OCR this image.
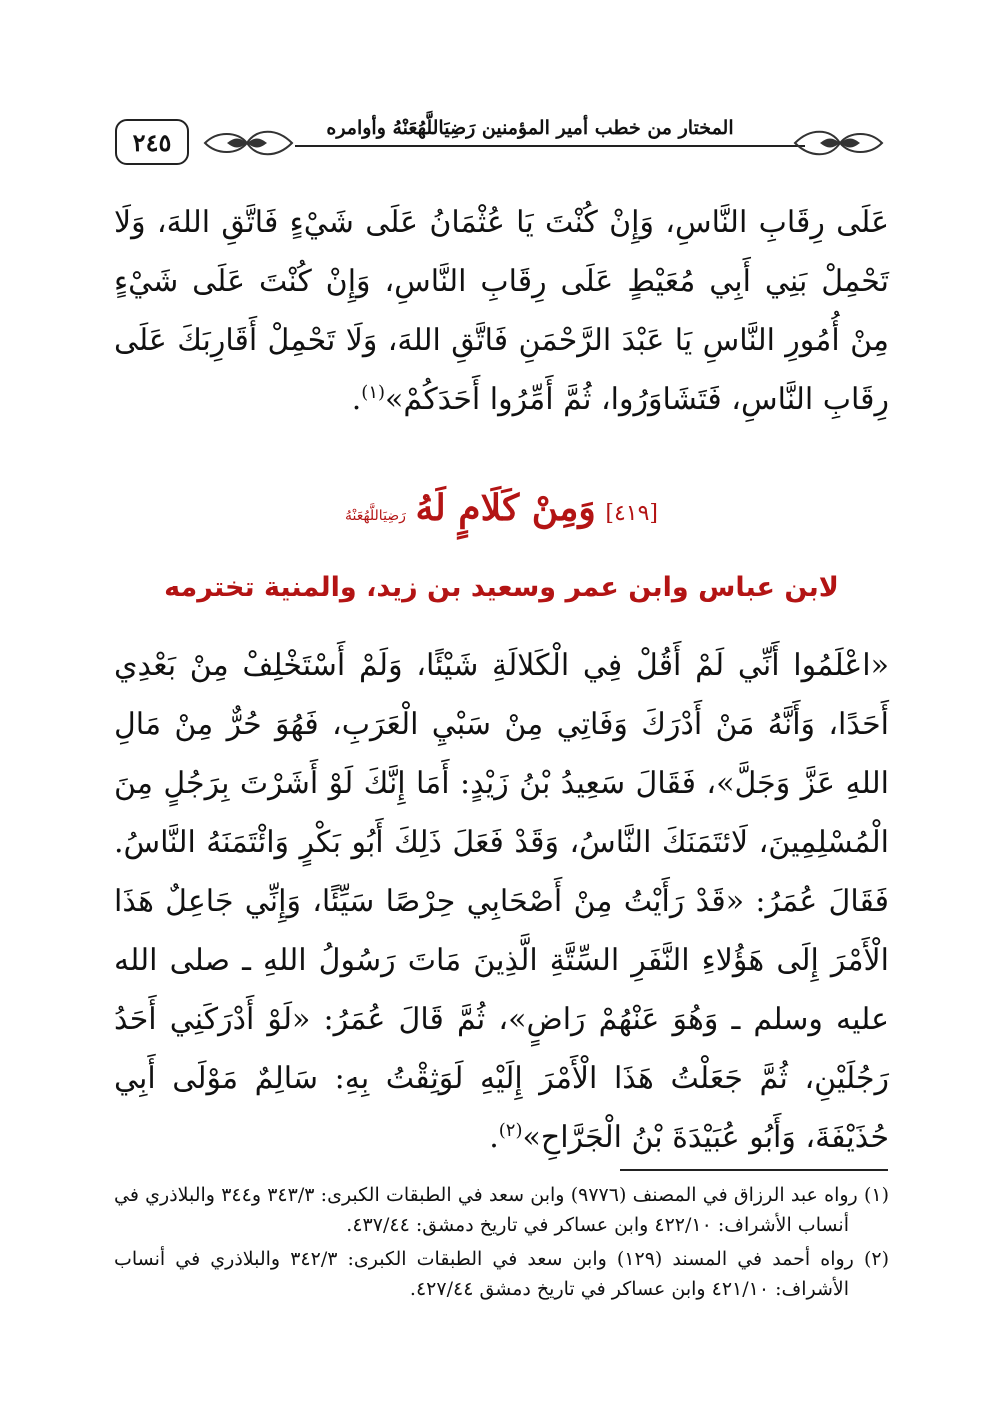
٢٤٥	المختار من خطب أمير المؤمنين رَضِيَاللَّهُعَنْهُ وأوامره

عَلَى رِقَابِ النَّاسِ، وَإِنْ كُنْتَ يَا عُثْمَانُ عَلَى شَيْءٍ فَاتَّقِ اللهَ، وَلَا تَحْمِلْ بَنِي أَبِي مُعَيْطٍ عَلَى رِقَابِ النَّاسِ، وَإِنْ كُنْتَ عَلَى شَيْءٍ مِنْ أُمُورِ النَّاسِ يَا عَبْدَ الرَّحْمَنِ فَاتَّقِ اللهَ، وَلَا تَحْمِلْ أَقَارِبَكَ عَلَى رِقَابِ النَّاسِ، فَتَشَاوَرُوا، ثُمَّ أَمِّرُوا أَحَدَكُمْ»$^{(١)}$.

[٤١٩] وَمِنْ كَلَامٍ لَهُ رَضِيَاللَّهُعَنْهُ
لابن عباس وابن عمر وسعيد بن زيد، والمنية تخترمه

«اعْلَمُوا أَنِّي لَمْ أَقُلْ فِي الْكَلالَةِ شَيْئًا، وَلَمْ أَسْتَخْلِفْ مِنْ بَعْدِي أَحَدًا، وَأَنَّهُ مَنْ أَدْرَكَ وَفَاتِي مِنْ سَبْيِ الْعَرَبِ، فَهُوَ حُرٌّ مِنْ مَالِ اللهِ عَزَّ وَجَلَّ»، فَقَالَ سَعِيدُ بْنُ زَيْدٍ: أَمَا إِنَّكَ لَوْ أَشَرْتَ بِرَجُلٍ مِنَ الْمُسْلِمِينَ، لَائتَمَنَكَ النَّاسُ، وَقَدْ فَعَلَ ذَلِكَ أَبُو بَكْرٍ وَائْتَمَنَهُ النَّاسُ. فَقَالَ عُمَرُ: «قَدْ رَأَيْتُ مِنْ أَصْحَابِي حِرْصًا سَيِّئًا، وَإِنِّي جَاعِلٌ هَذَا الْأَمْرَ إِلَى هَؤُلاءِ النَّفَرِ السِّتَّةِ الَّذِينَ مَاتَ رَسُولُ اللهِ ـ صلى الله عليه وسلم ـ وَهُوَ عَنْهُمْ رَاضٍ»، ثُمَّ قَالَ عُمَرُ: «لَوْ أَدْرَكَنِي أَحَدُ رَجُلَيْنِ، ثُمَّ جَعَلْتُ هَذَا الْأَمْرَ إِلَيْهِ لَوَثِقْتُ بِهِ: سَالِمٌ مَوْلَى أَبِي حُذَيْفَةَ، وَأَبُو عُبَيْدَةَ بْنُ الْجَرَّاحِ»$^{(٢)}$.

(١) رواه عبد الرزاق في المصنف (٩٧٧٦) وابن سعد في الطبقات الكبرى: ٣٤٣/٣ و٣٤٤ والبلاذري في أنساب الأشراف: ٤٢٢/١٠ وابن عساكر في تاريخ دمشق: ٤٣٧/٤٤.

(٢) رواه أحمد في المسند (١٢٩) وابن سعد في الطبقات الكبرى: ٣٤٢/٣ والبلاذري في أنساب الأشراف: ٤٢١/١٠ وابن عساكر في تاريخ دمشق ٤٢٧/٤٤.
